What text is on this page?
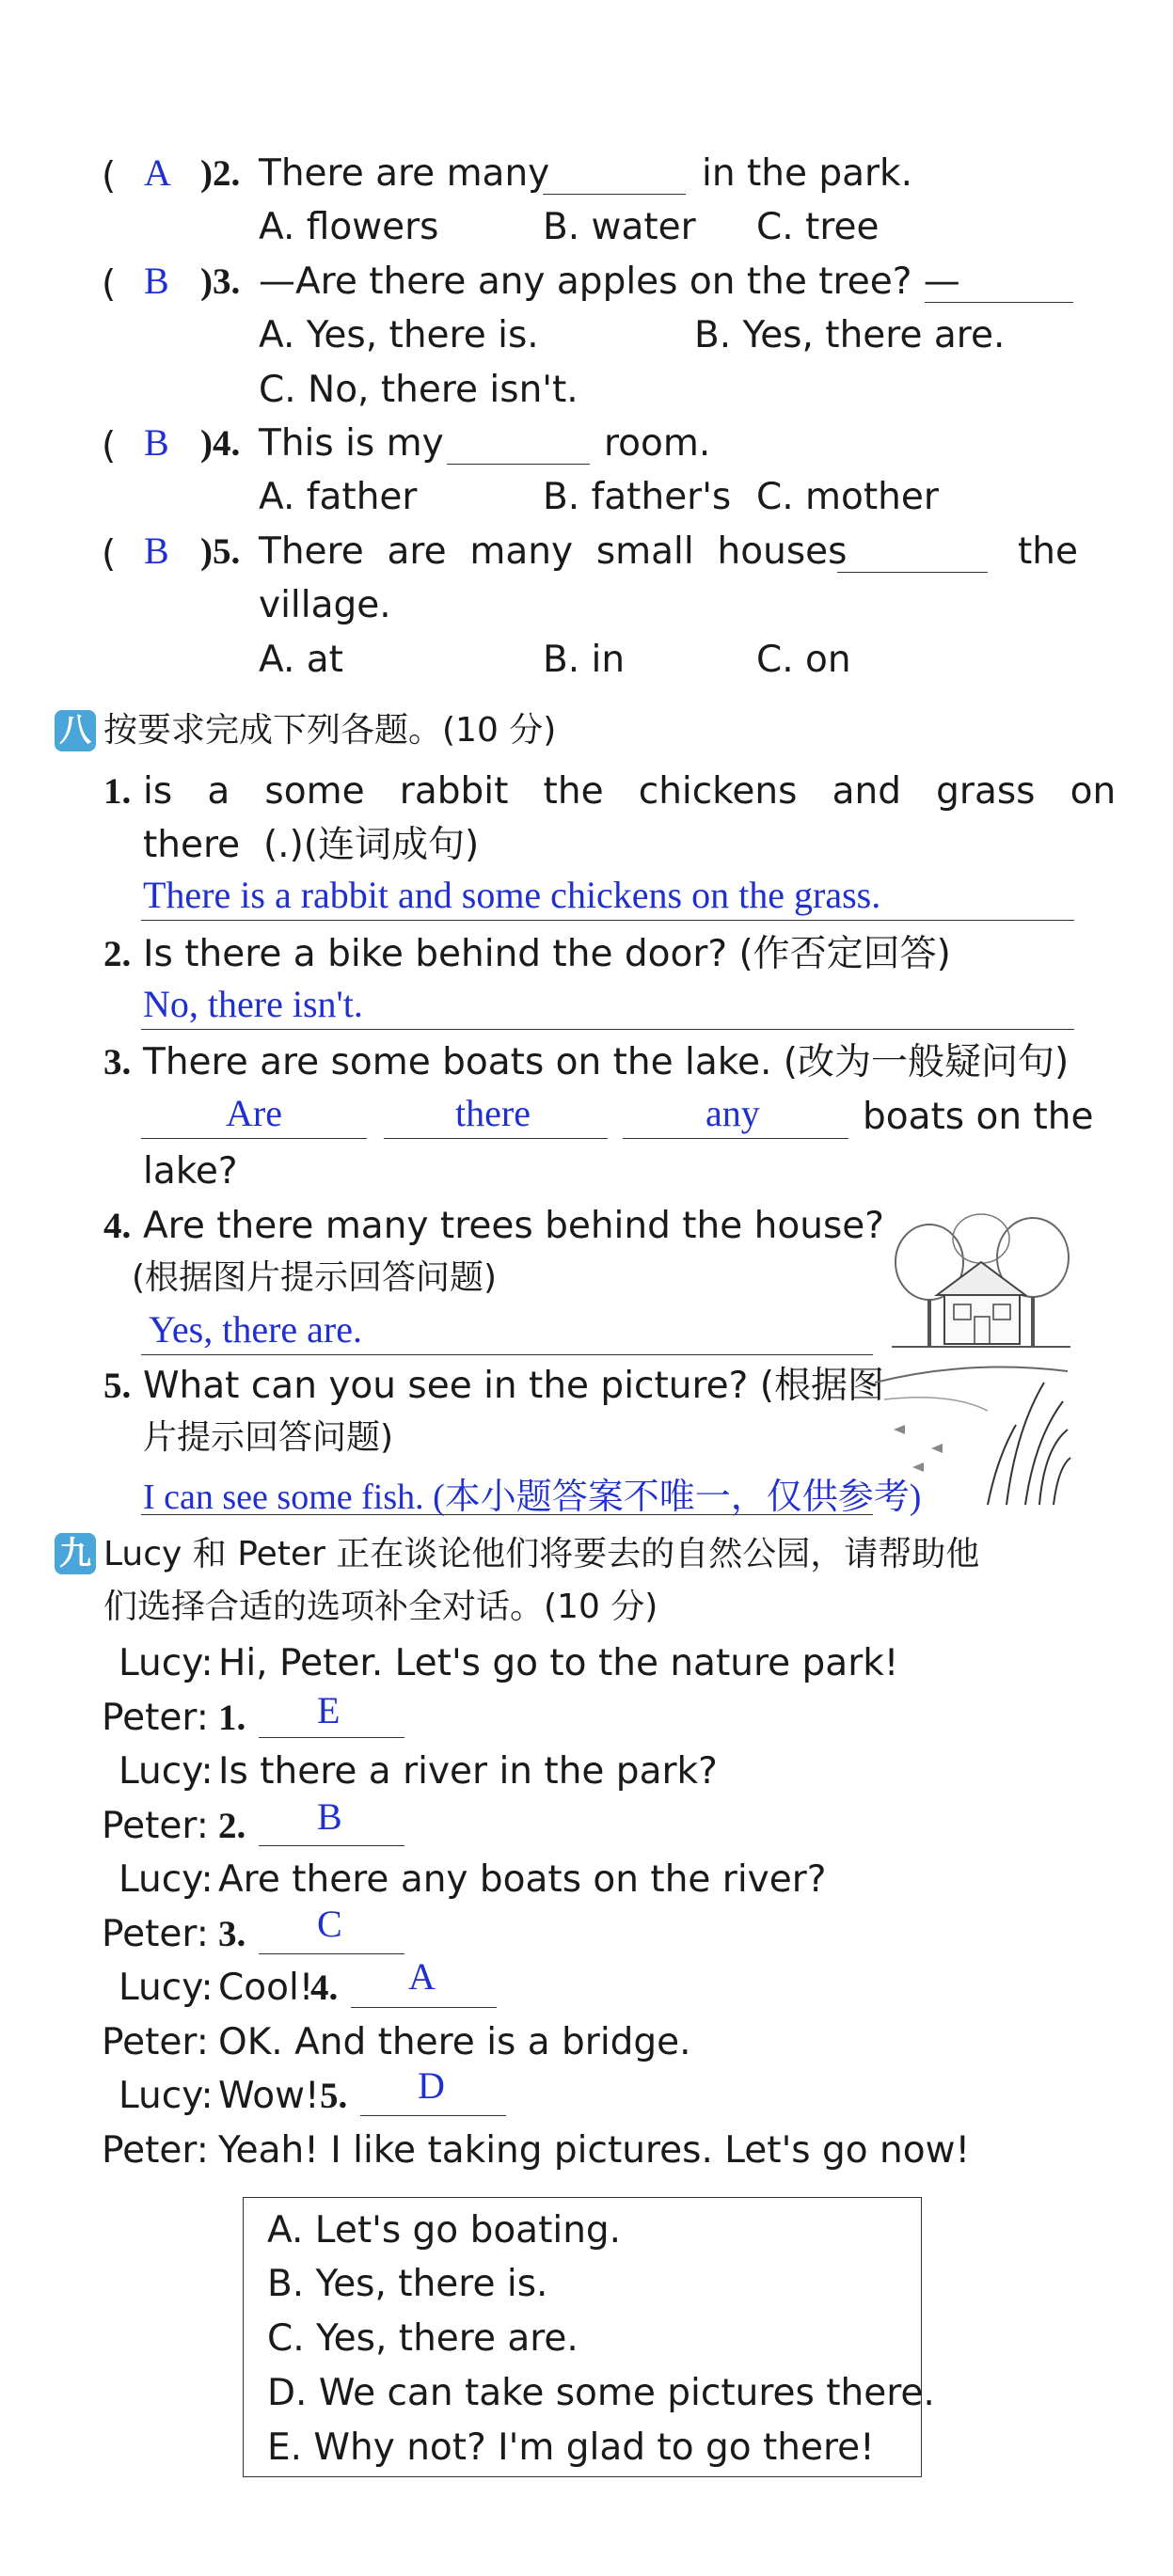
( A )2. There are many	in the park.
A. flowers	B. water C. tree
( B )3. —Are there any apples on the tree? —
A. Yes, there is.	B. Yes, there are.
C. No, there isn't.
( B )4. This is my	room.
A. father	B. father's C. mother
( B )5. There  are  many  small  houses	the
village.
A. at	B. in	C. on
八 按要求完成下列各题。(10 分)
1. is   a   some   rabbit   the   chickens   and   grass   on
there  (.)(连词成句)
There is a rabbit and some chickens on the grass.
2. Is there a bike behind the door? (作否定回答)
No, there isn't.
3. There are some boats on the lake. (改为一般疑问句)
Are	there	any	boats on the
lake?
4. Are there many trees behind the house?
(根据图片提示回答问题)
Yes, there are.
5. What can you see in the picture? (根据图
片提示回答问题)
I can see some fish. (本小题答案不唯一，仅供参考)
九 Lucy 和 Peter 正在谈论他们将要去的自然公园，请帮助他
们选择合适的选项补全对话。(10 分)
Lucy: Hi, Peter. Let's go to the nature park!
Peter: 1. E
Lucy: Is there a river in the park?
Peter: 2. B
Lucy: Are there any boats on the river?
Peter: 3. C
Lucy: Cool!
4. A
Peter: OK. And there is a bridge.
Lucy: Wow! 5. D
Peter: Yeah! I like taking pictures. Let's go now!
A. Let's go boating.
B. Yes, there is.
C. Yes, there are.
D. We can take some pictures there.
E. Why not? I'm glad to go there!
